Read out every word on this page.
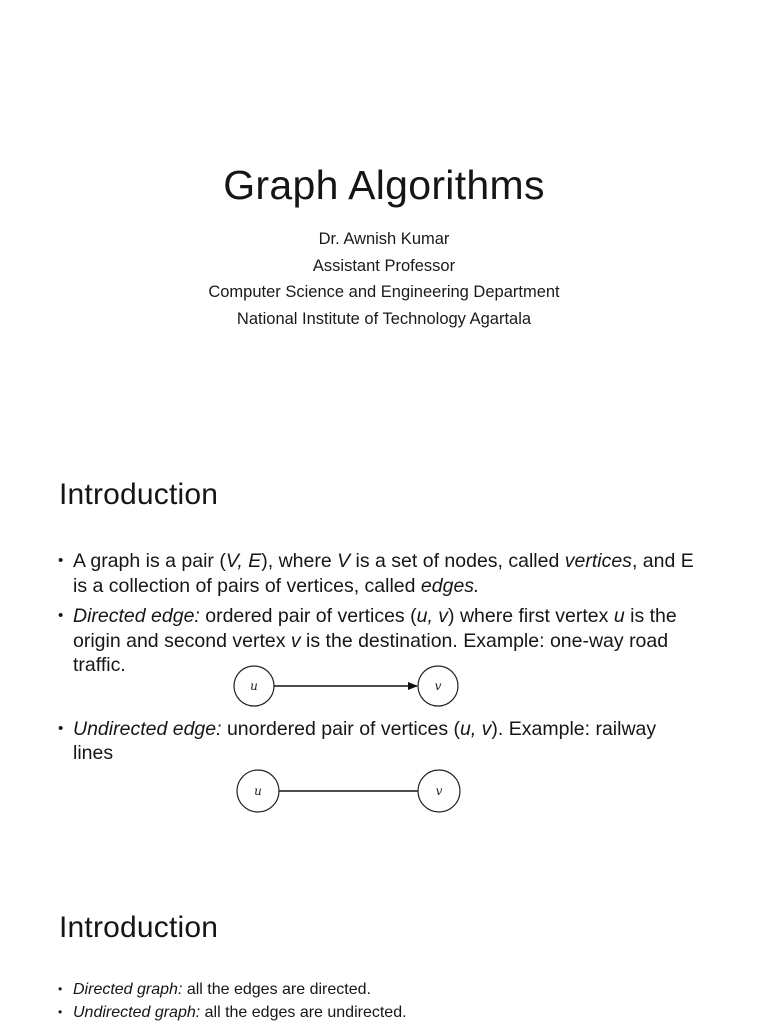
Graph Algorithms
Dr. Awnish Kumar
Assistant Professor
Computer Science and Engineering Department
National Institute of Technology Agartala
Introduction
• A graph is a pair (V, E), where V is a set of nodes, called vertices, and E
is a collection of pairs of vertices, called edges.
• Directed edge: ordered pair of vertices (u, v) where first vertex u is the
origin and second vertex v is the destination. Example: one-way road
traffic.
• Undirected edge: unordered pair of vertices (u, v). Example: railway
lines
u	v
u	v
Introduction
• Directed graph: all the edges are directed.
• Undirected graph: all the edges are undirected.
